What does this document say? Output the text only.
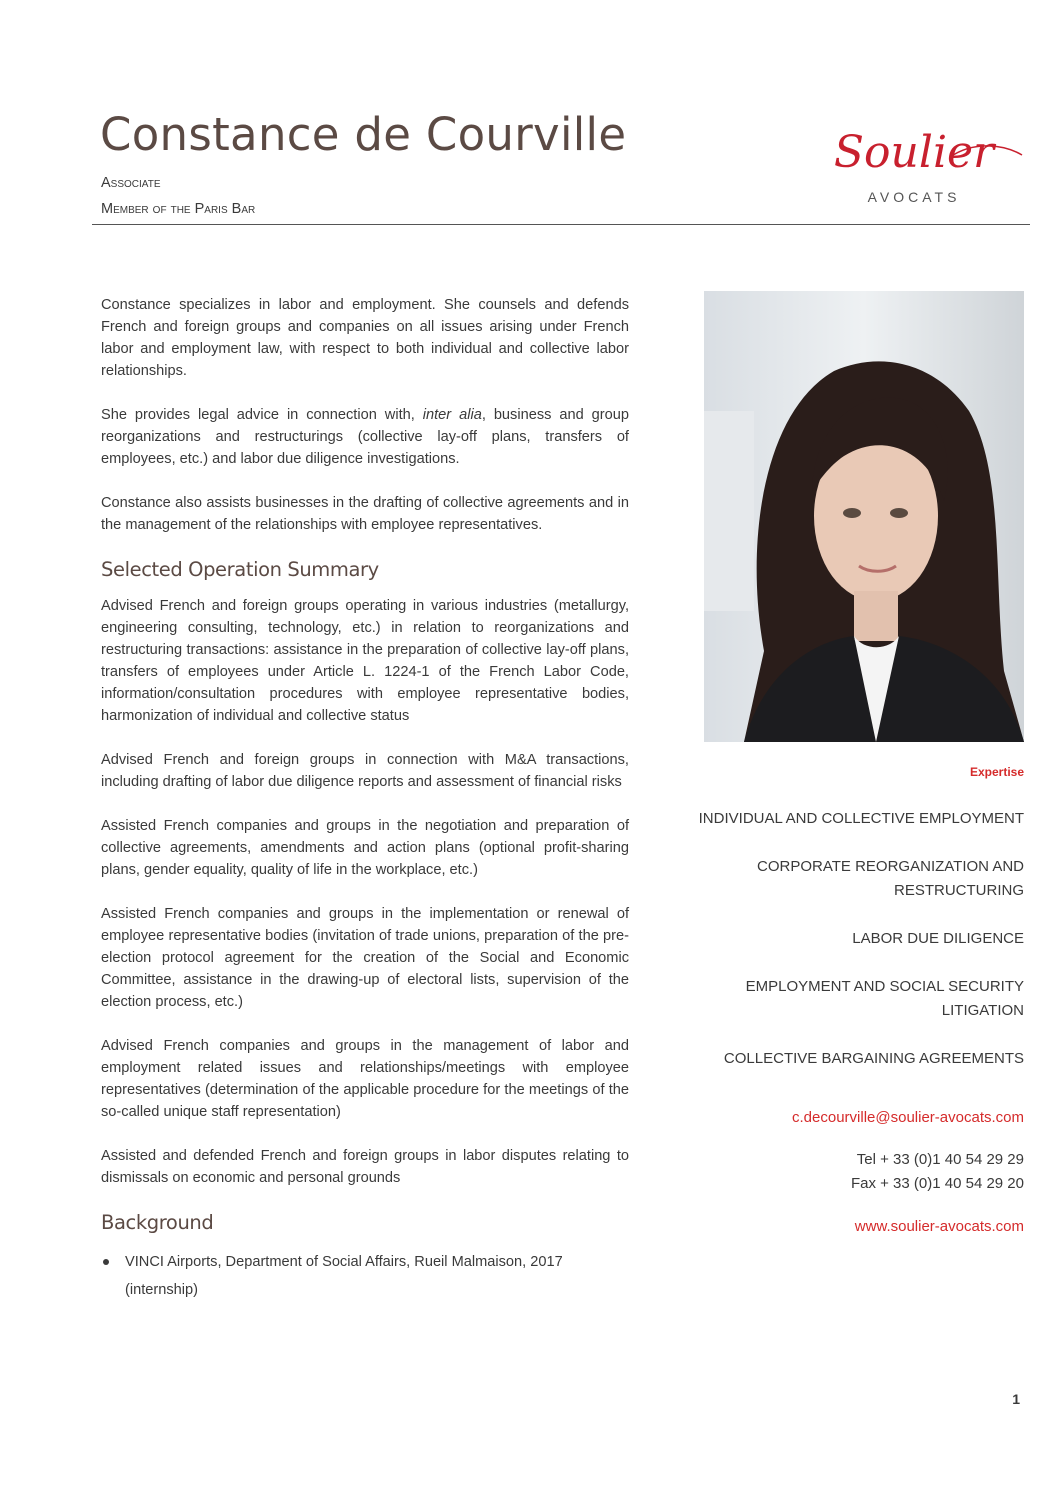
Constance de Courville
Associate
Member of the Paris Bar
Soulier
AVOCATS

Constance specializes in labor and employment. She counsels and defends French and foreign groups and companies on all issues arising under French labor and employment law, with respect to both individual and collective labor relationships.

She provides legal advice in connection with, inter alia, business and group reorganizations and restructurings (collective lay-off plans, transfers of employees, etc.) and labor due diligence investigations.

Constance also assists businesses in the drafting of collective agreements and in the management of the relationships with employee representatives.

Selected Operation Summary

Advised French and foreign groups operating in various industries (metallurgy, engineering consulting, technology, etc.) in relation to reorganizations and restructuring transactions: assistance in the preparation of collective lay-off plans, transfers of employees under Article L. 1224-1 of the French Labor Code, information/consultation procedures with employee representative bodies, harmonization of individual and collective status

Advised French and foreign groups in connection with M&A transactions, including drafting of labor due diligence reports and assessment of financial risks

Assisted French companies and groups in the negotiation and preparation of collective agreements, amendments and action plans (optional profit-sharing plans, gender equality, quality of life in the workplace, etc.)

Assisted French companies and groups in the implementation or renewal of employee representative bodies (invitation of trade unions, preparation of the pre-election protocol agreement for the creation of the Social and Economic Committee, assistance in the drawing-up of electoral lists, supervision of the election process, etc.)

Advised French companies and groups in the management of labor and employment related issues and relationships/meetings with employee representatives (determination of the applicable procedure for the meetings of the so-called unique staff representation)

Assisted and defended French and foreign groups in labor disputes relating to dismissals on economic and personal grounds

Background
VINCI Airports, Department of Social Affairs, Rueil Malmaison, 2017 (internship)
Expertise
INDIVIDUAL AND COLLECTIVE EMPLOYMENT
CORPORATE REORGANIZATION AND RESTRUCTURING
LABOR DUE DILIGENCE
EMPLOYMENT AND SOCIAL SECURITY LITIGATION
COLLECTIVE BARGAINING AGREEMENTS
c.decourville@soulier-avocats.com
Tel + 33 (0)1 40 54 29 29
Fax + 33 (0)1 40 54 29 20
www.soulier-avocats.com
1
